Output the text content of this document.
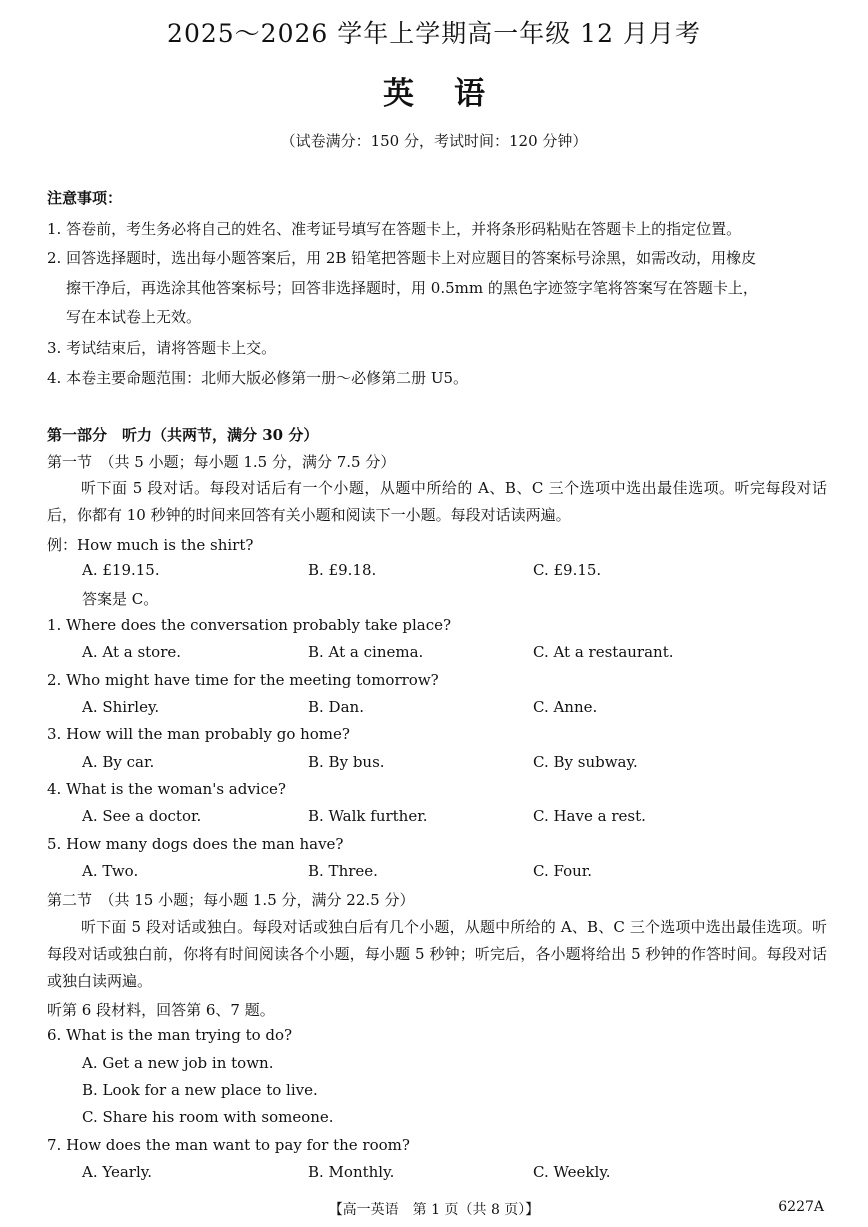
2025～2026 学年上学期高一年级 12 月月考
英语
（试卷满分：150 分，考试时间：120 分钟）
注意事项：
1. 答卷前，考生务必将自己的姓名、准考证号填写在答题卡上，并将条形码粘贴在答题卡上的指定位置。
2. 回答选择题时，选出每小题答案后，用 2B 铅笔把答题卡上对应题目的答案标号涂黑，如需改动，用橡皮
擦干净后，再选涂其他答案标号；回答非选择题时，用 0.5mm 的黑色字迹签字笔将答案写在答题卡上，
写在本试卷上无效。
3. 考试结束后，请将答题卡上交。
4. 本卷主要命题范围：北师大版必修第一册～必修第二册 U5。
第一部分　听力（共两节，满分 30 分）
第一节　（共 5 小题；每小题 1.5 分，满分 7.5 分）
听下面 5 段对话。每段对话后有一个小题，从题中所给的 A、B、C 三个选项中选出最佳选项。听完每段对话后，你都有 10 秒钟的时间来回答有关小题和阅读下一小题。每段对话读两遍。
例：How much is the shirt?
A. £19.15.	B. £9.18.	C. £9.15.
答案是 C。
1. Where does the conversation probably take place?
A. At a store.	B. At a cinema.	C. At a restaurant.
2. Who might have time for the meeting tomorrow?
A. Shirley.	B. Dan.	C. Anne.
3. How will the man probably go home?
A. By car.	B. By bus.	C. By subway.
4. What is the woman's advice?
A. See a doctor.	B. Walk further.	C. Have a rest.
5. How many dogs does the man have?
A. Two.	B. Three.	C. Four.
第二节　（共 15 小题；每小题 1.5 分，满分 22.5 分）
听下面 5 段对话或独白。每段对话或独白后有几个小题，从题中所给的 A、B、C 三个选项中选出最佳选项。听每段对话或独白前，你将有时间阅读各个小题，每小题 5 秒钟；听完后，各小题将给出 5 秒钟的作答时间。每段对话或独白读两遍。
听第 6 段材料，回答第 6、7 题。
6. What is the man trying to do?
A. Get a new job in town.
B. Look for a new place to live.
C. Share his room with someone.
7. How does the man want to pay for the room?
A. Yearly.	B. Monthly.	C. Weekly.
【高一英语　第 1 页（共 8 页）】	6227A
